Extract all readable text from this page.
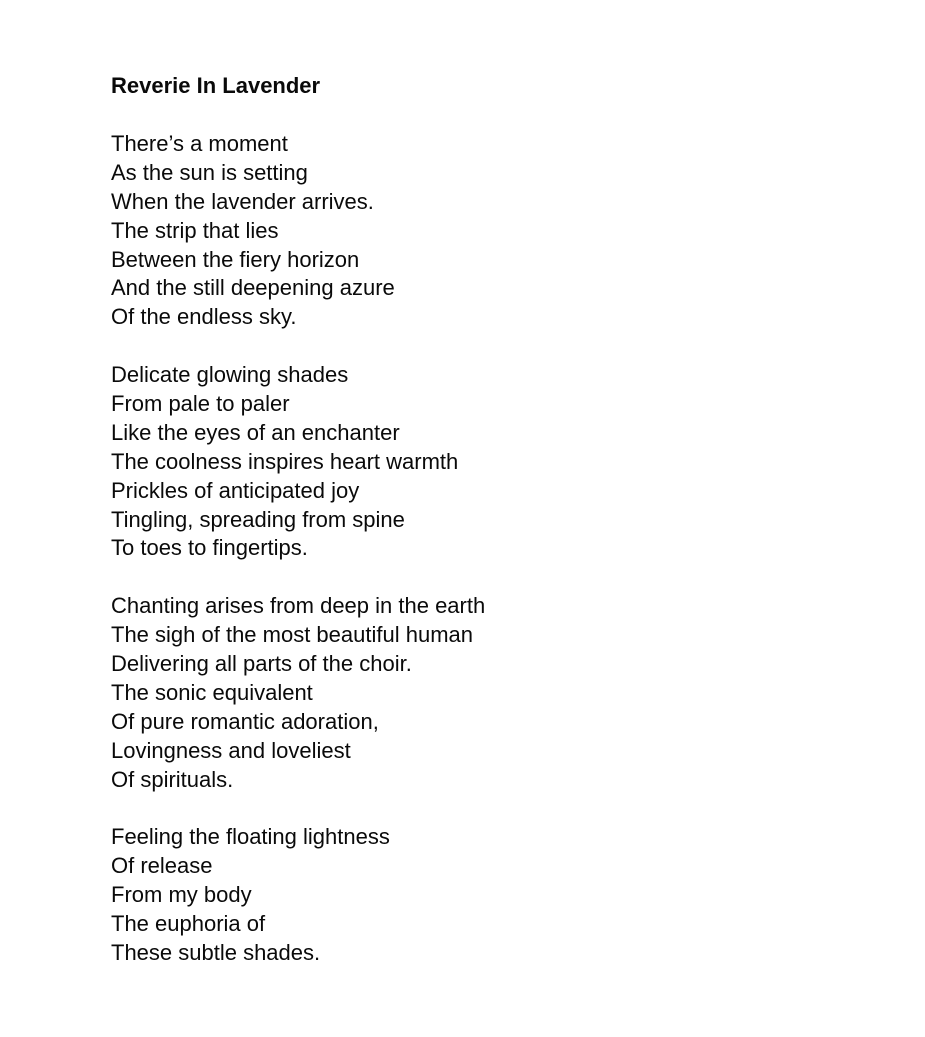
Reverie In Lavender
There’s a moment
As the sun is setting
When the lavender arrives.
The strip that lies
Between the fiery horizon
And the still deepening azure
Of the endless sky.
Delicate glowing shades
From pale to paler
Like the eyes of an enchanter
The coolness inspires heart warmth
Prickles of anticipated joy
Tingling, spreading from spine
To toes to fingertips.
Chanting arises from deep in the earth
The sigh of the most beautiful human
Delivering all parts of the choir.
The sonic equivalent
Of pure romantic adoration,
Lovingness and loveliest
Of spirituals.
Feeling the floating lightness
Of release
From my body
The euphoria of
These subtle shades.
